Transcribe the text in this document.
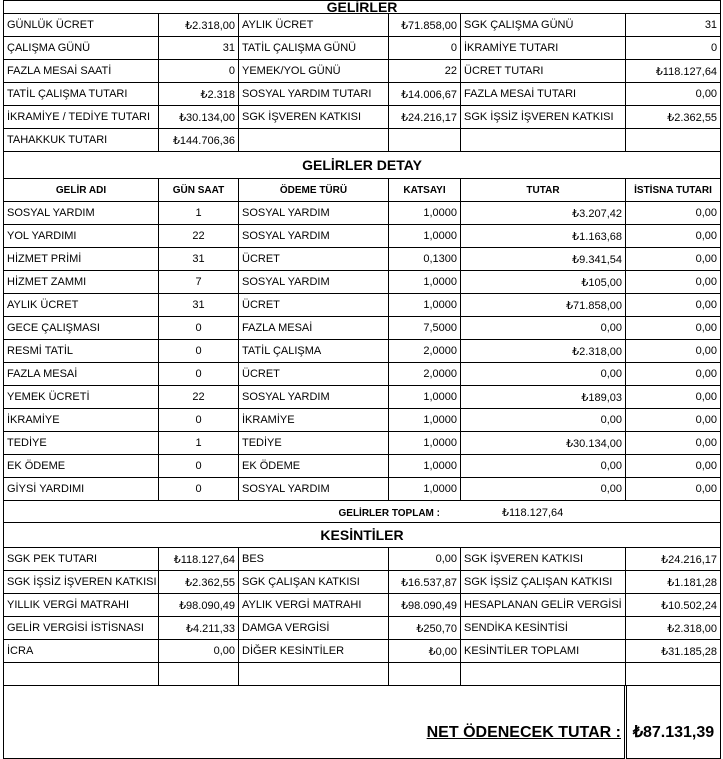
GELİRLER					
GÜNLÜK ÜCRET	₺2.318,00	AYLIK ÜCRET	₺71.858,00	SGK ÇALIŞMA GÜNÜ	31
ÇALIŞMA GÜNÜ	31	TATİL ÇALIŞMA GÜNÜ	0	İKRAMİYE TUTARI	0
FAZLA MESAİ SAATİ	0	YEMEK/YOL GÜNÜ	22	ÜCRET TUTARI	₺118.127,64
TATİL ÇALIŞMA TUTARI	₺2.318	SOSYAL YARDIM TUTARI	₺14.006,67	FAZLA MESAİ TUTARI	0,00
İKRAMİYE / TEDİYE TUTARI	₺30.134,00	SGK İŞVEREN KATKISI	₺24.216,17	SGK İŞSİZ İŞVEREN KATKISI	₺2.362,55
TAHAKKUK TUTARI	₺144.706,36				
GELİRLER DETAY					
GELİR ADI	GÜN SAAT	ÖDEME TÜRÜ	KATSAYI	TUTAR	İSTİSNA TUTARI
SOSYAL YARDIM	1	SOSYAL YARDIM	1,0000	₺3.207,42	0,00
YOL YARDIMI	22	SOSYAL YARDIM	1,0000	₺1.163,68	0,00
HİZMET PRİMİ	31	ÜCRET	0,1300	₺9.341,54	0,00
HİZMET ZAMMI	7	SOSYAL YARDIM	1,0000	₺105,00	0,00
AYLIK ÜCRET	31	ÜCRET	1,0000	₺71.858,00	0,00
GECE ÇALIŞMASI	0	FAZLA MESAİ	7,5000	0,00	0,00
RESMİ TATİL	0	TATİL ÇALIŞMA	2,0000	₺2.318,00	0,00
FAZLA MESAİ	0	ÜCRET	2,0000	0,00	0,00
YEMEK ÜCRETİ	22	SOSYAL YARDIM	1,0000	₺189,03	0,00
İKRAMİYE	0	İKRAMİYE	1,0000	0,00	0,00
TEDİYE	1	TEDİYE	1,0000	₺30.134,00	0,00
EK ÖDEME	0	EK ÖDEME	1,0000	0,00	0,00
GİYSİ YARDIMI	0	SOSYAL YARDIM	1,0000	0,00	0,00
			GELİRLER TOPLAM : ₺118.127,64		
KESİNTİLER					
SGK PEK TUTARI	₺118.127,64	BES	0,00	SGK İŞVEREN KATKISI	₺24.216,17
SGK İŞSİZ İŞVEREN KATKISI	₺2.362,55	SGK ÇALIŞAN KATKISI	₺16.537,87	SGK İŞSİZ ÇALIŞAN KATKISI	₺1.181,28
YILLIK VERGİ MATRAHI	₺98.090,49	AYLIK VERGİ MATRAHI	₺98.090,49	HESAPLANAN GELİR VERGİSİ	₺10.502,24
GELİR VERGİSİ İSTİSNASI	₺4.211,33	DAMGA VERGİSİ	₺250,70	SENDİKA KESİNTİSİ	₺2.318,00
İCRA	0,00	DİĞER KESİNTİLER	₺0,00	KESİNTİLER TOPLAMI	₺31.185,28

NET ÖDENECEK TUTAR :	₺87.131,39
